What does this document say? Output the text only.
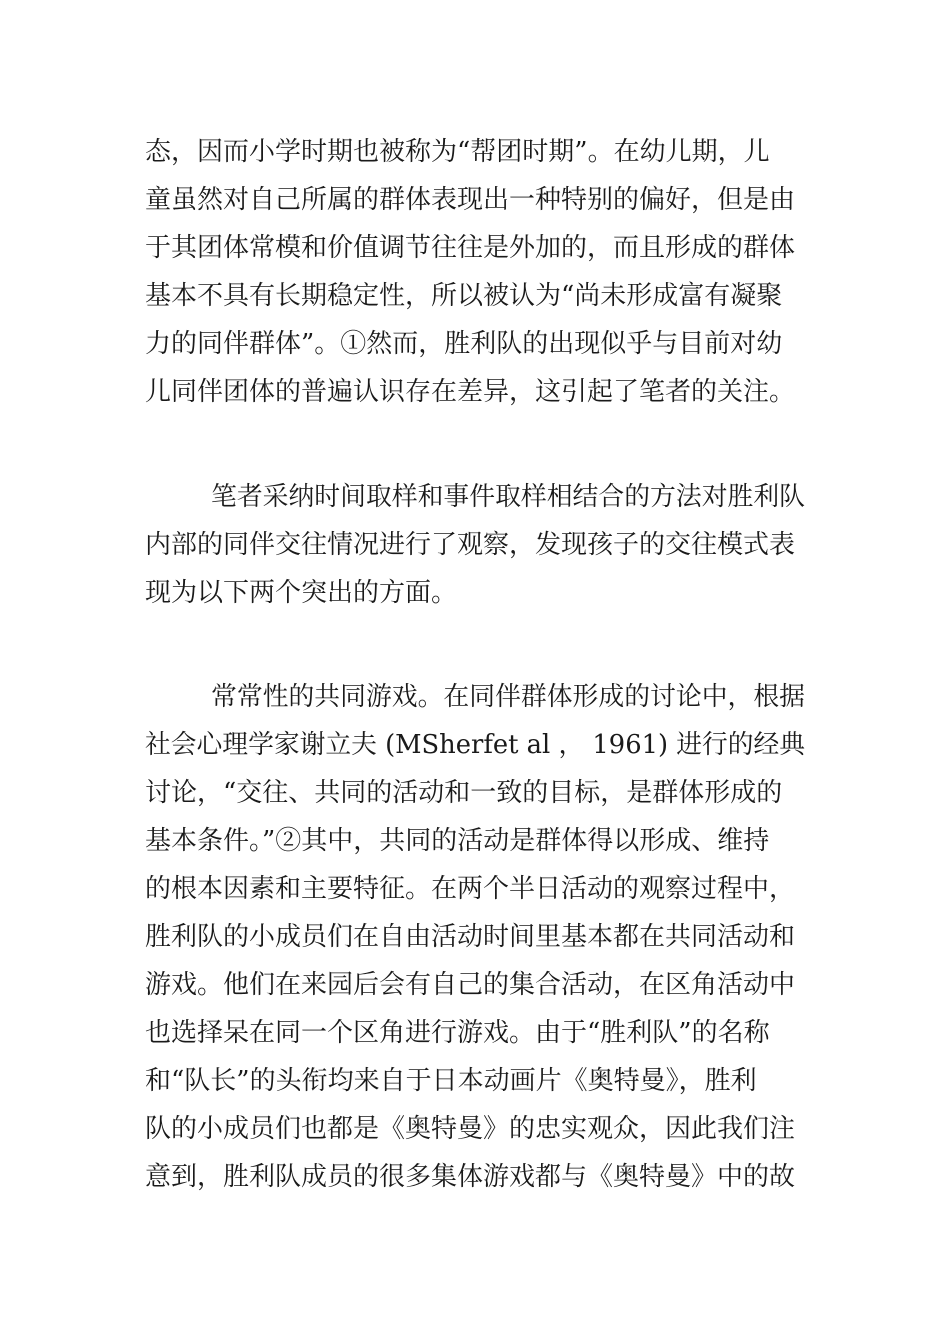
态，因而小学时期也被称为“帮团时期”。在幼儿期，儿
童虽然对自己所属的群体表现出一种特别的偏好，但是由
于其团体常模和价值调节往往是外加的，而且形成的群体
基本不具有长期稳定性，所以被认为“尚未形成富有凝聚
力的同伴群体”。①然而，胜利队的出现似乎与目前对幼
儿同伴团体的普遍认识存在差异，这引起了笔者的关注。
笔者采纳时间取样和事件取样相结合的方法对胜利队
内部的同伴交往情况进行了观察，发现孩子的交往模式表
现为以下两个突出的方面。
常常性的共同游戏。在同伴群体形成的讨论中，根据
社会心理学家谢立夫 (MSherfet al ， 1961) 进行的经典
讨论，“交往、共同的活动和一致的目标，是群体形成的
基本条件。”②其中，共同的活动是群体得以形成、维持
的根本因素和主要特征。在两个半日活动的观察过程中，
胜利队的小成员们在自由活动时间里基本都在共同活动和
游戏。他们在来园后会有自己的集合活动，在区角活动中
也选择呆在同一个区角进行游戏。由于“胜利队”的名称
和“队长”的头衔均来自于日本动画片《奥特曼》，胜利
队的小成员们也都是《奥特曼》的忠实观众，因此我们注
意到，胜利队成员的很多集体游戏都与《奥特曼》中的故
